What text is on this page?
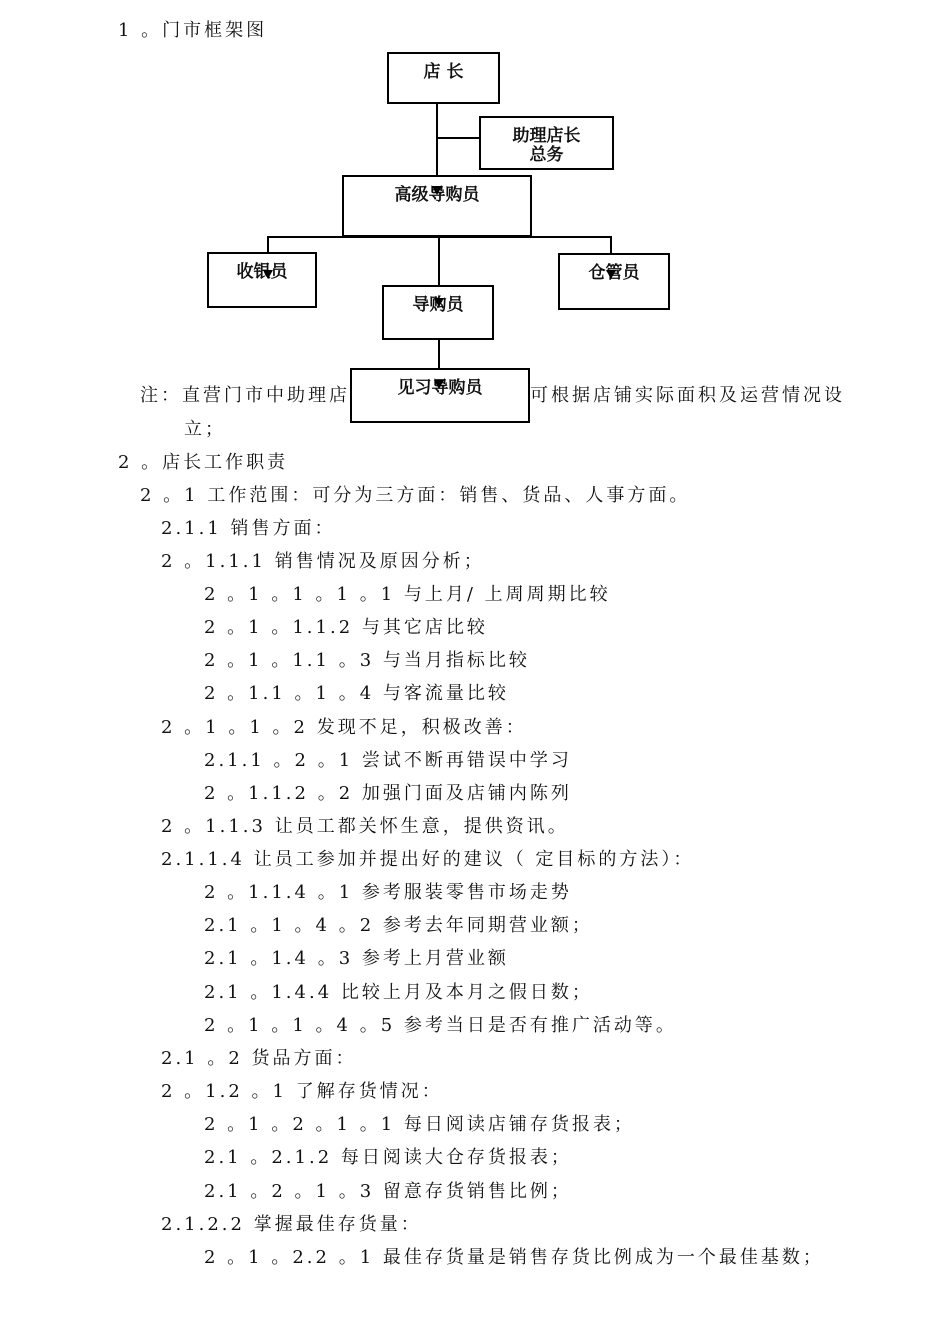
1 。门市框架图
店 长
助理店长
总务
高级导购员
收银员	仓管员
导购员
见习导购员
注：直营门市中助理店	可根据店铺实际面积及运营情况设
立；
2 。店长工作职责
2 。1 工作范围：可分为三方面：销售、货品、人事方面。
2.1.1 销售方面：
2 。1.1.1 销售情况及原因分析；
2 。1 。1 。1 。1 与上月/ 上周周期比较
2 。1 。1.1.2 与其它店比较
2 。1 。1.1 。3 与当月指标比较
2 。1.1 。1 。4 与客流量比较
2 。1 。1 。2 发现不足，积极改善：
2.1.1 。2 。1 尝试不断再错误中学习
2 。1.1.2 。2 加强门面及店铺内陈列
2 。1.1.3 让员工都关怀生意，提供资讯。
2.1.1.4 让员工参加并提出好的建议（ 定目标的方法）：
2 。1.1.4 。1 参考服装零售市场走势
2.1 。1 。4 。2 参考去年同期营业额；
2.1 。1.4 。3 参考上月营业额
2.1 。1.4.4 比较上月及本月之假日数；
2 。1 。1 。4 。5 参考当日是否有推广活动等。
2.1 。2 货品方面：
2 。1.2 。1 了解存货情况：
2 。1 。2 。1 。1 每日阅读店铺存货报表；
2.1 。2.1.2 每日阅读大仓存货报表；
2.1 。2 。1 。3 留意存货销售比例；
2.1.2.2 掌握最佳存货量：
2 。1 。2.2 。1 最佳存货量是销售存货比例成为一个最佳基数；
